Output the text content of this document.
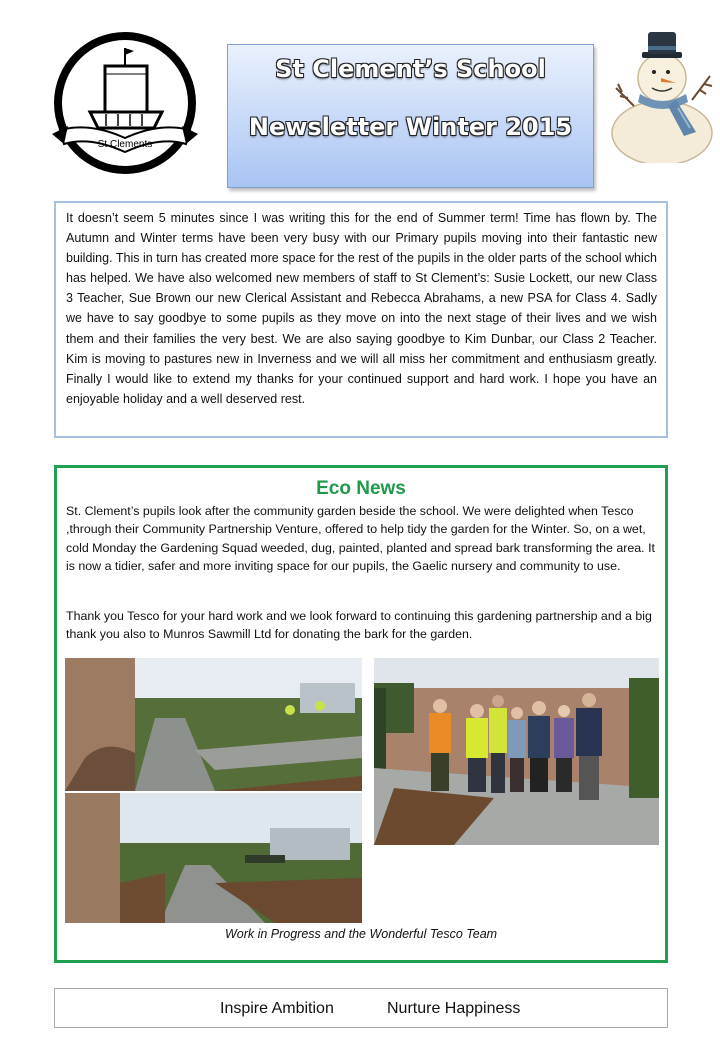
St Clements
St Clement’s School
Newsletter Winter 2015

It doesn’t seem 5 minutes since I was writing this for the end of Summer term! Time has flown by. The Autumn and Winter terms have been very busy with our Primary pupils moving into their fantastic new building. This in turn has created more space for the rest of the pupils in the older parts of the school which has helped. We have also welcomed new members of staff to St Clement’s: Susie Lockett, our new Class 3 Teacher, Sue Brown our new Clerical Assistant and Rebecca Abrahams, a new PSA for Class 4. Sadly we have to say goodbye to some pupils as they move on into the next stage of their lives and we wish them and their families the very best. We are also saying goodbye to Kim Dunbar, our Class 2 Teacher. Kim is moving to pastures new in Inverness and we will all miss her commitment and enthusiasm greatly. Finally I would like to extend my thanks for your continued support and hard work. I hope you have an enjoyable holiday and a well deserved rest.

Eco News

St. Clement’s pupils look after the community garden beside the school. We were delighted when Tesco ,through their Community Partnership Venture, offered to help tidy the garden for the Winter. So, on a wet, cold Monday the Gardening Squad weeded, dug, painted, planted and spread bark transforming the area. It is now a tidier, safer and more inviting space for our pupils, the Gaelic nursery and community to use.

Thank you Tesco for your hard work and we look forward to continuing this gardening partnership and a big thank you also to Munros Sawmill Ltd for donating the bark for the garden.

Work in Progress and the Wonderful Tesco Team
Inspire Ambition	Nurture Happiness
